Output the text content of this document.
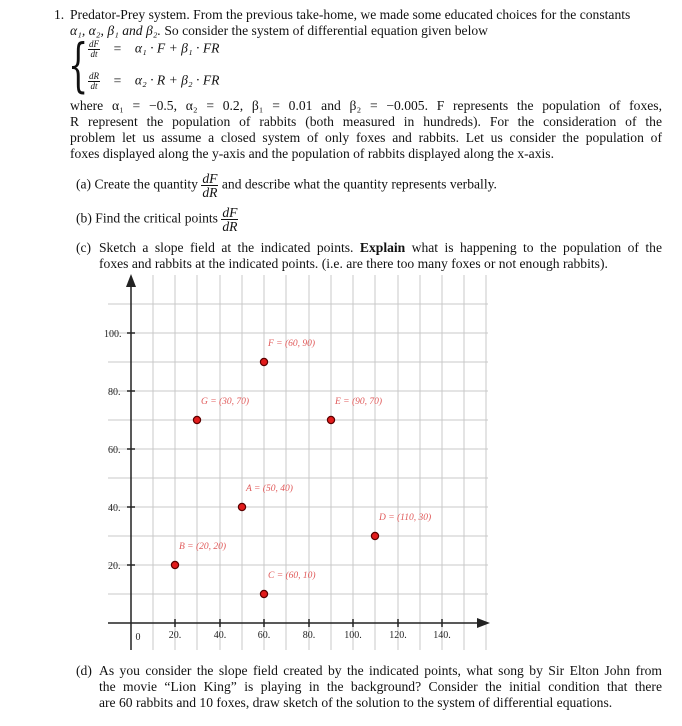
1. Predator-Prey system. From the previous take-home, we made some educated choices for the constants
α₁, α₂, β₁ and β₂. So consider the system of differential equation given below
{ $\frac{dF}{dt} = \alpha_1 \cdot F + \beta_1$ · FR
$\frac{dR}{dt} = \alpha_2 \cdot R + \beta_2$ · FR
where α₁ = −0.5, α₂ = 0.2, β₁ = 0.01 and β₂ = −0.005. F represents the population of foxes,
R represent the population of rabbits (both measured in hundreds). For the consideration of the
problem let us assume a closed system of only foxes and rabbits. Let us consider the population of
foxes displayed along the y-axis and the population of rabbits displayed along the x-axis.
(a) Create the quantity $\frac{dF}{dR}$ and describe what the quantity represents verbally.
(b) Find the critical points $\frac{dF}{dR}$
(c) Sketch a slope field at the indicated points. Explain what is happening to the population of the
foxes and rabbits at the indicated points. (i.e. are there too many foxes or not enough rabbits).
100.
80.
60.
40.
20.
0	20.	40.	60.	80.	100.	120.	140.
A = (50, 40)
B = (20, 20)
C = (60, 10)
D = (110, 30)
E = (90, 70)
F = (60, 90)
G = (30, 70)
(d) As you consider the slope field created by the indicated points, what song by Sir Elton John from
the movie “Lion King” is playing in the background? Consider the initial condition that there
are 60 rabbits and 10 foxes, draw sketch of the solution to the system of differential equations.
